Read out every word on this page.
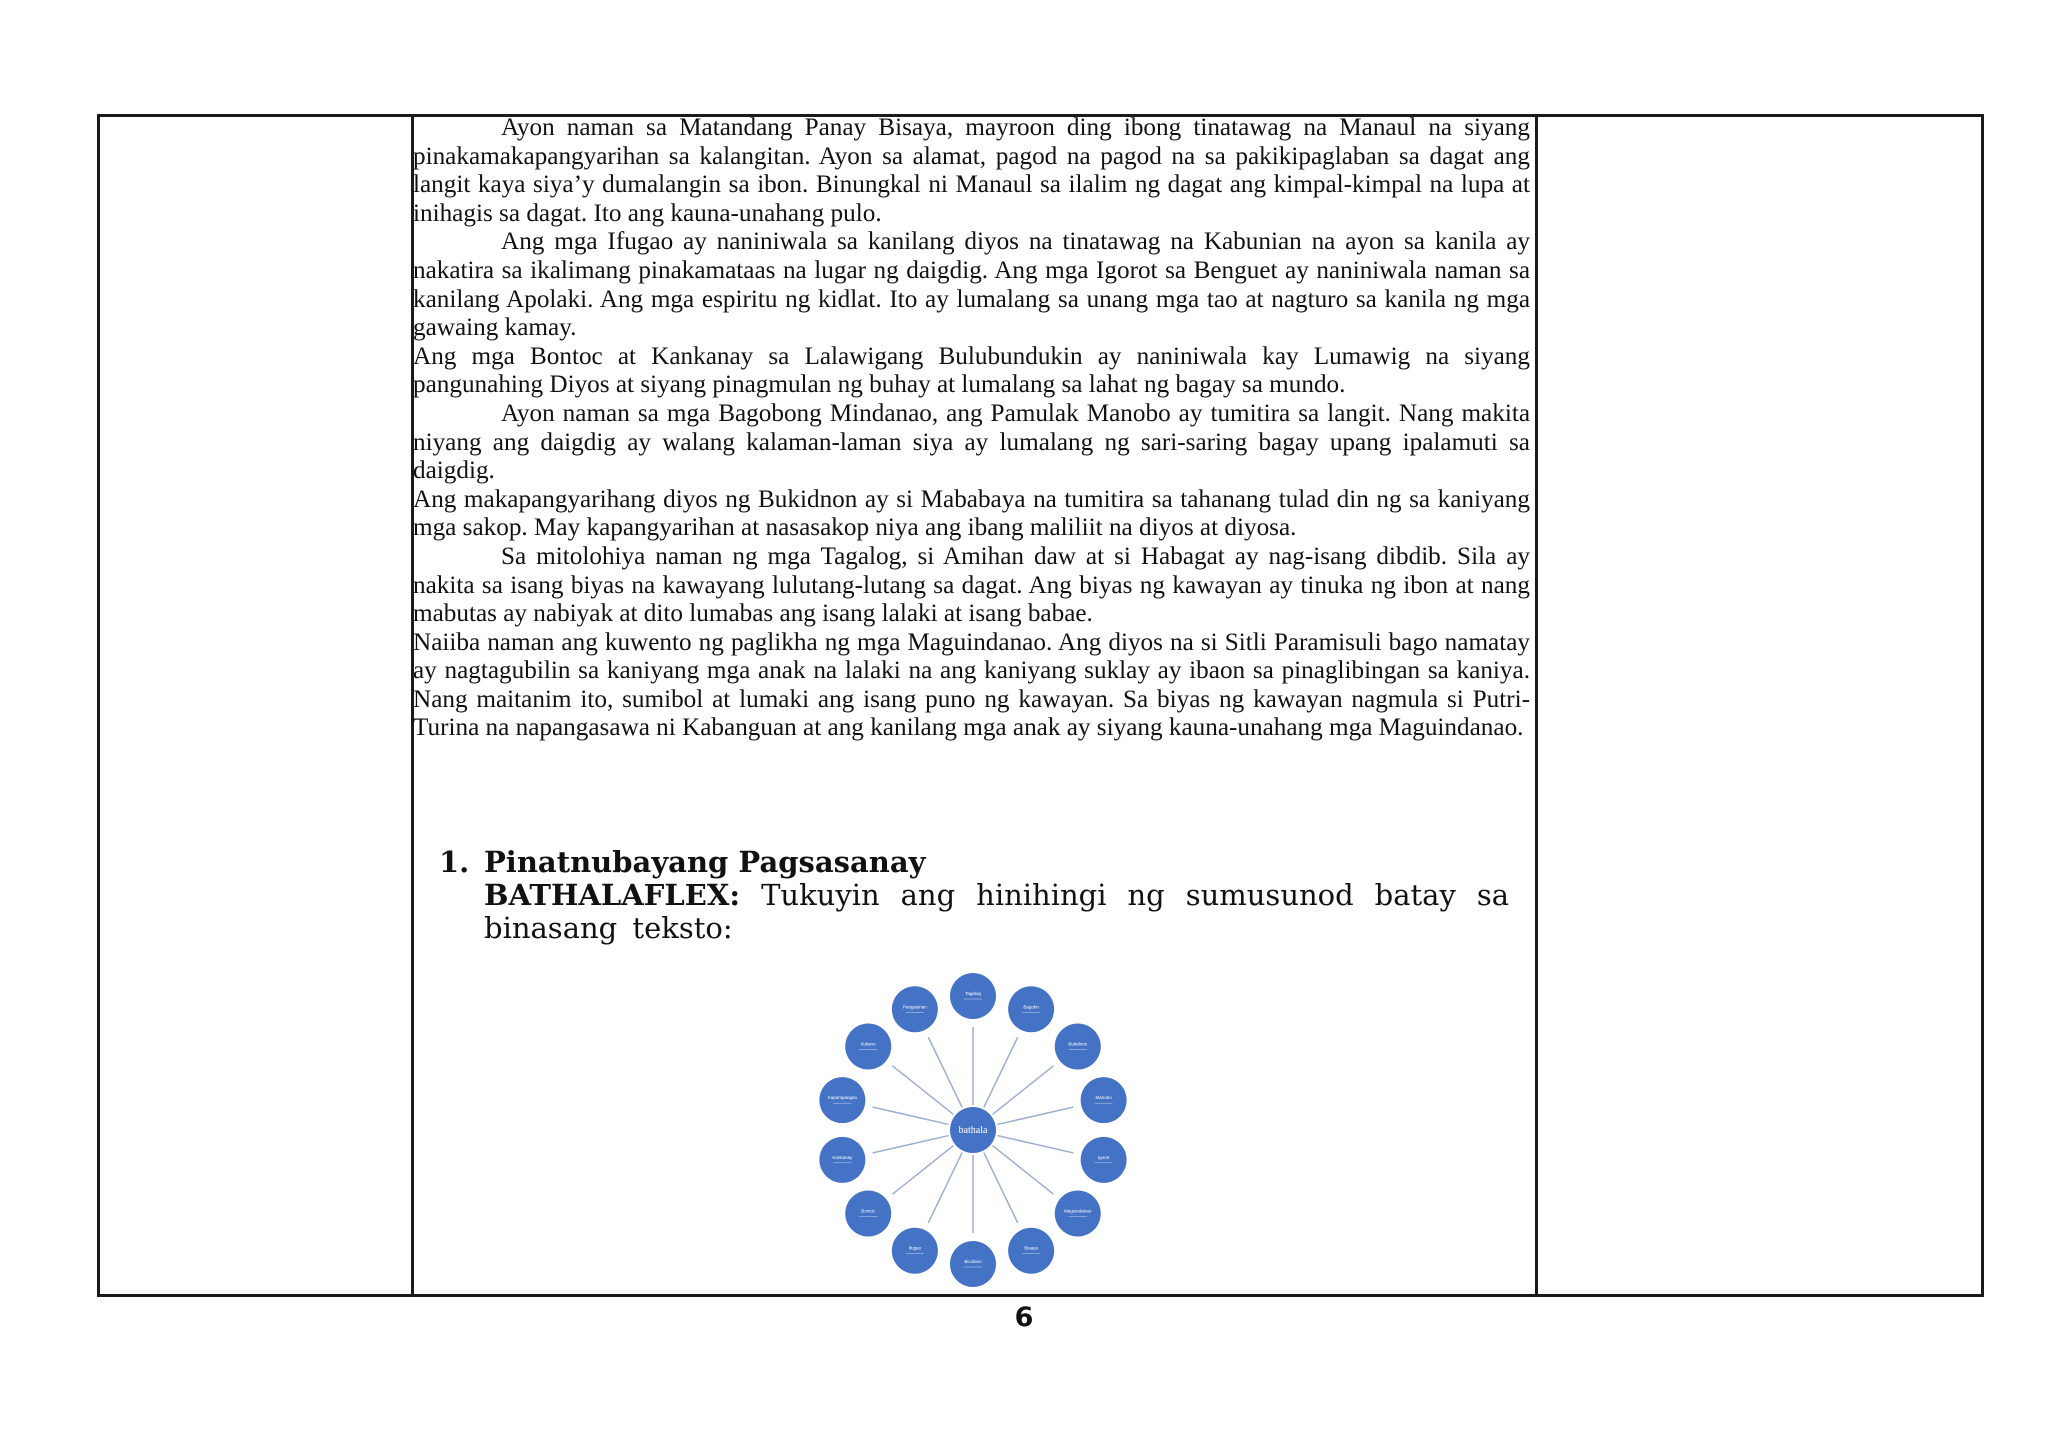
Ayon naman sa Matandang Panay Bisaya, mayroon ding ibong tinatawag na Manaul na siyang pinakamakapangyarihan sa kalangitan. Ayon sa alamat, pagod na pagod na sa pakikipaglaban sa dagat ang langit kaya siya’y dumalangin sa ibon. Binungkal ni Manaul sa ilalim ng dagat ang kimpal-kimpal na lupa at inihagis sa dagat. Ito ang kauna-unahang pulo.

Ang mga Ifugao ay naniniwala sa kanilang diyos na tinatawag na Kabunian na ayon sa kanila ay nakatira sa ikalimang pinakamataas na lugar ng daigdig. Ang mga Igorot sa Benguet ay naniniwala naman sa kanilang Apolaki. Ang mga espiritu ng kidlat. Ito ay lumalang sa unang mga tao at nagturo sa kanila ng mga gawaing kamay.

Ang mga Bontoc at Kankanay sa Lalawigang Bulubundukin ay naniniwala kay Lumawig na siyang pangunahing Diyos at siyang pinagmulan ng buhay at lumalang sa lahat ng bagay sa mundo.

Ayon naman sa mga Bagobong Mindanao, ang Pamulak Manobo ay tumitira sa langit. Nang makita niyang ang daigdig ay walang kalaman-laman siya ay lumalang ng sari-saring bagay upang ipalamuti sa daigdig.

Ang makapangyarihang diyos ng Bukidnon ay si Mababaya na tumitira sa tahanang tulad din ng sa kaniyang mga sakop. May kapangyarihan at nasasakop niya ang ibang maliliit na diyos at diyosa.

Sa mitolohiya naman ng mga Tagalog, si Amihan daw at si Habagat ay nag-isang dibdib. Sila ay nakita sa isang biyas na kawayang lulutang-lutang sa dagat. Ang biyas ng kawayan ay tinuka ng ibon at nang mabutas ay nabiyak at dito lumabas ang isang lalaki at isang babae.

Naiiba naman ang kuwento ng paglikha ng mga Maguindanao. Ang diyos na si Sitli Paramisuli bago namatay ay nagtagubilin sa kaniyang mga anak na lalaki na ang kaniyang suklay ay ibaon sa pinaglibingan sa kaniya. Nang maitanim ito, sumibol at lumaki ang isang puno ng kawayan. Sa biyas ng kawayan nagmula si Putri-Turina na napangasawa ni Kabanguan at ang kanilang mga anak ay siyang kauna-unahang mga Maguindanao.

1. Pinatnubayang Pagsasanay
BATHALAFLEX: Tukuyin ang hinihingi ng sumusunod batay sa binasang teksto:
Tagalog
Bagobo
Bukidnon
Manobo
Igorot
Maguindanao
Bisaya
Bicolano
Ifugao
Bontoc
Kankanay
Kapampangan
Ilokano
Pangasinan
bathala
6
